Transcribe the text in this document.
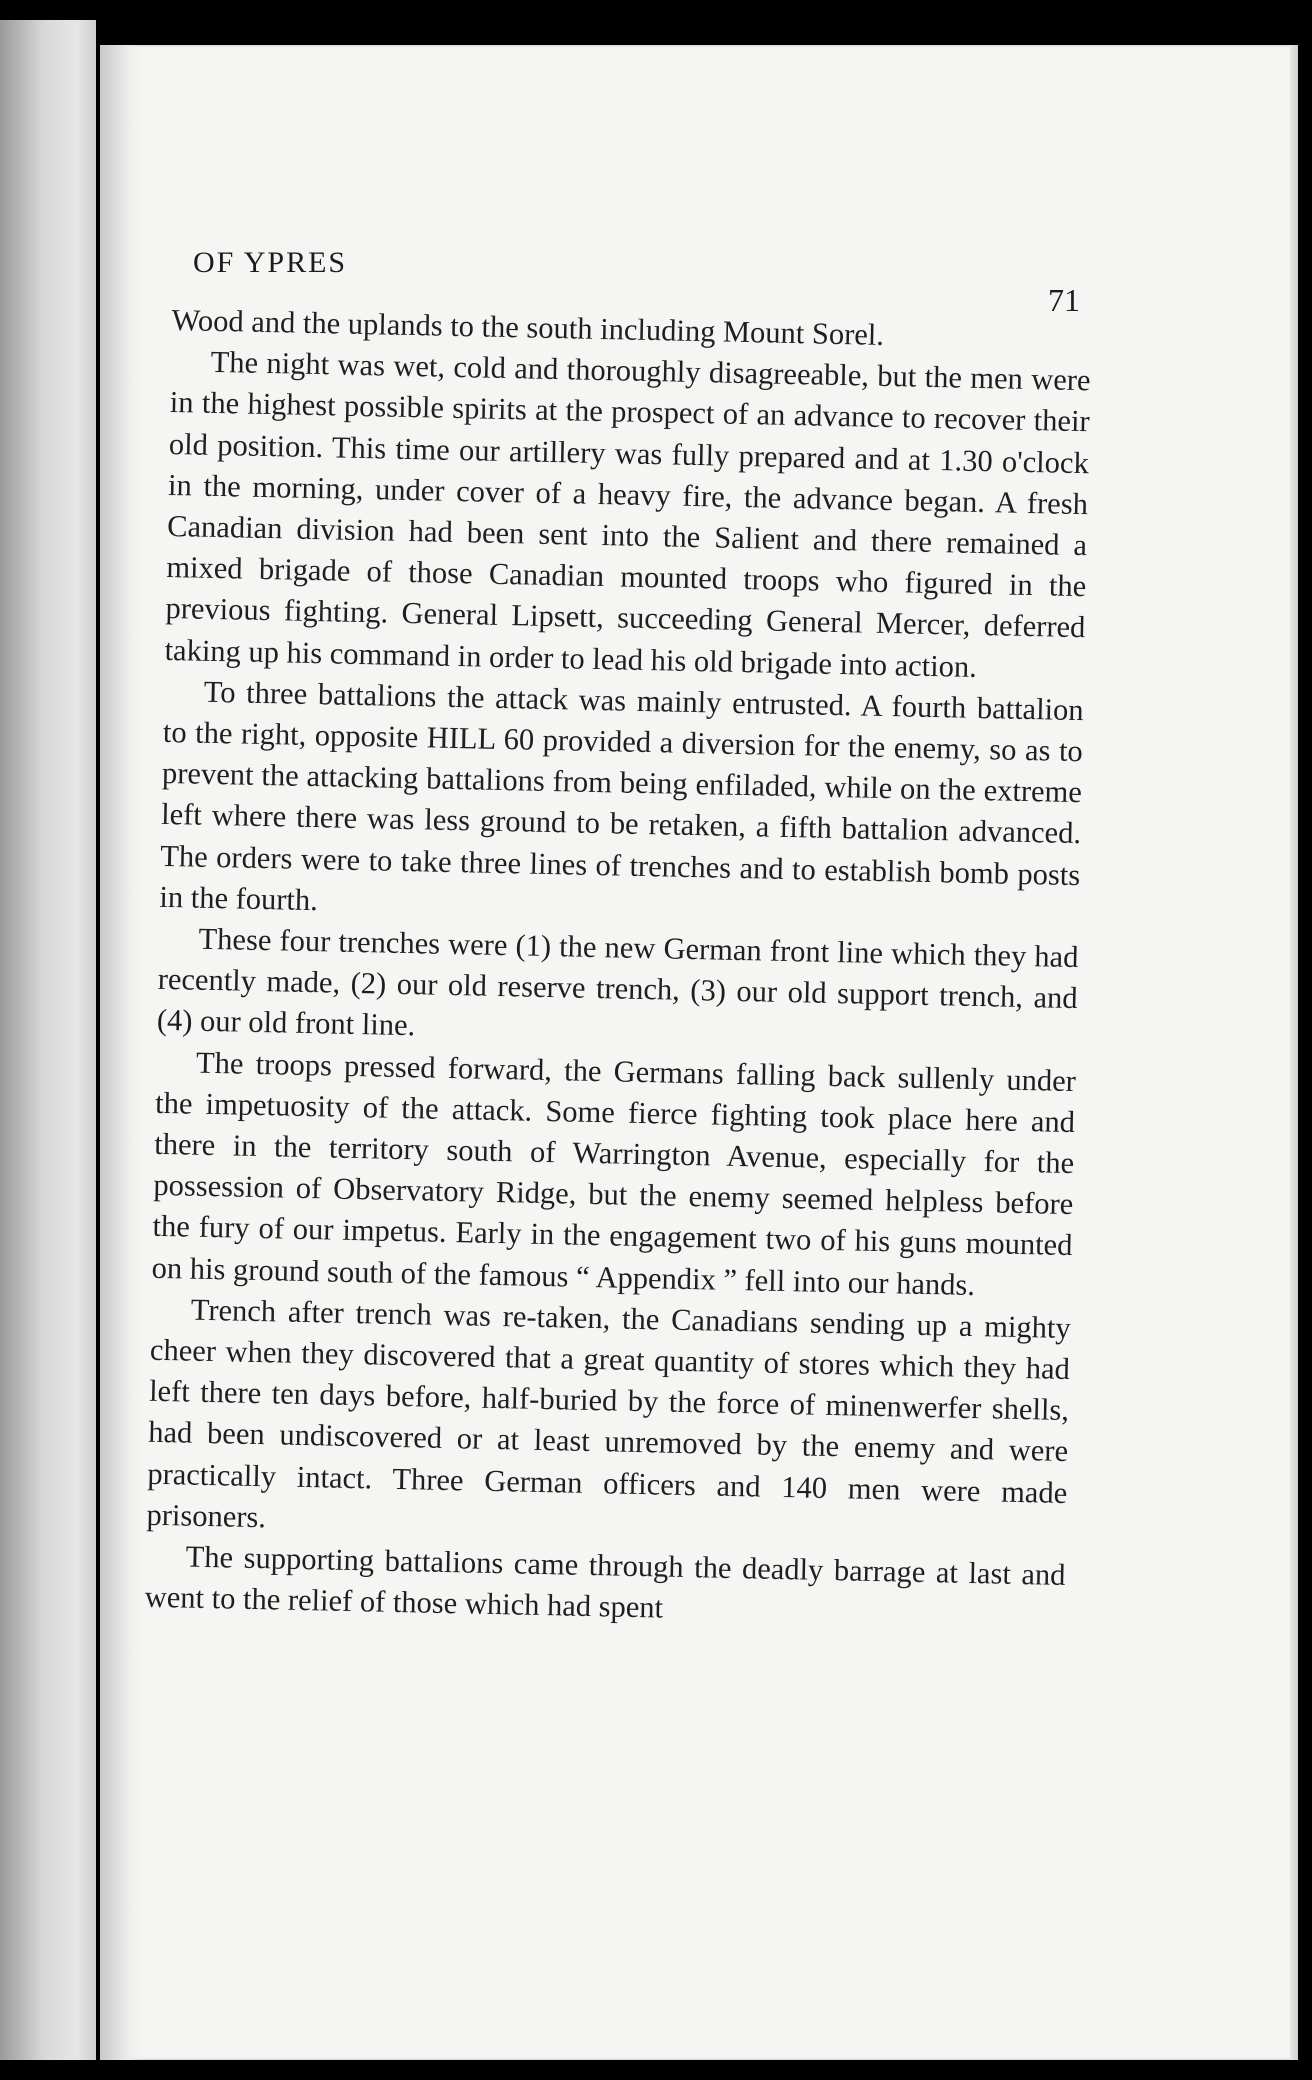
OF YPRES
71

Wood and the uplands to the south including Mount Sorel.

The night was wet, cold and thoroughly disagreeable, but the men were in the highest possible spirits at the prospect of an advance to recover their old position. This time our artillery was fully prepared and at 1.30 o'clock in the morning, under cover of a heavy fire, the advance began. A fresh Canadian division had been sent into the Salient and there remained a mixed brigade of those Canadian mounted troops who figured in the previous fighting. General Lipsett, succeeding General Mercer, deferred taking up his command in order to lead his old brigade into action.

To three battalions the attack was mainly entrusted. A fourth battalion to the right, opposite HILL 60 provided a diversion for the enemy, so as to prevent the attacking battalions from being enfiladed, while on the extreme left where there was less ground to be retaken, a fifth battalion advanced. The orders were to take three lines of trenches and to establish bomb posts in the fourth.

These four trenches were (1) the new German front line which they had recently made, (2) our old reserve trench, (3) our old support trench, and (4) our old front line.

The troops pressed forward, the Germans falling back sullenly under the impetuosity of the attack. Some fierce fighting took place here and there in the territory south of Warrington Avenue, especially for the possession of Observatory Ridge, but the enemy seemed helpless before the fury of our impetus. Early in the engagement two of his guns mounted on his ground south of the famous “ Appendix ” fell into our hands.

Trench after trench was re-taken, the Canadians sending up a mighty cheer when they discovered that a great quantity of stores which they had left there ten days before, half-buried by the force of minenwerfer shells, had been undiscovered or at least unremoved by the enemy and were practically intact. Three German officers and 140 men were made prisoners.

The supporting battalions came through the deadly barrage at last and went to the relief of those which had spent
